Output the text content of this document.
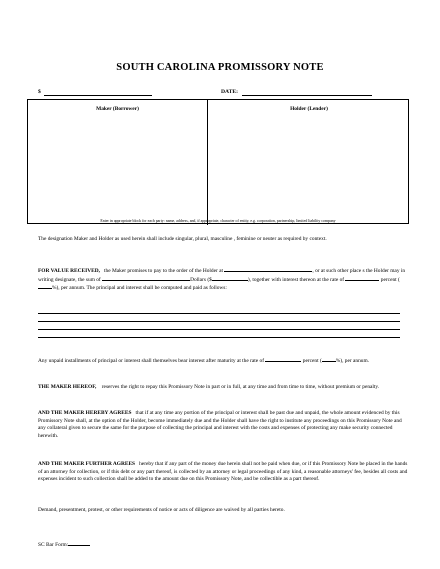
SOUTH CAROLINA PROMISSORY NOTE
$	DATE:
Maker (Borrower)	Holder (Lender)
Enter in appropriate block for each party: name, address, and, if appropriate, character of entity, e.g. corporation, partnership, limited liability company
The designation Maker and Holder as used herein shall include singular, plural, masculine , feminine or neuter as required by context.
FOR VALUE RECEIVED, the Maker promises to pay to the order of the Holder at	, or at such other place s the Holder may in writing designate, the sum of	Dollars ($	), together with interest thereon at the rate of	percent (%), per annum. The principal and interest shall be computed and paid as follows:
Any unpaid installments of principal or interest shall themselves bear interest after maturity at the rate of	percent (	%), per annum.
THE MAKER HEREOF, reserves the right to repay this Promissory Note in part or in full, at any time and from time to time, without premium or penalty.
AND THE MAKER HEREBY AGREES that if at any time any portion of the principal or interest shall be past due and unpaid, the whole amount evidenced by this Promissory Note shall, at the option of the Holder, become immediately due and the Holder shall have the right to institute any proceedings on this Promissory Note and any collateral given to secure the same for the purpose of collecting the principal and interest with the costs and expenses of protecting any make security connected herewith.
AND THE MAKER FURTHER AGREES hereby that if any part of the money due herein shall not be paid when due, or if this Promissory Note be placed in the hands of an attorney for collection, or if this debt or any part thereof, is collected by an attorney or legal proceedings of any kind, a reasonable attorneys' fee, besides all costs and expenses incident to such collection shall be added to the amount due on this Promissory Note, and be collectible as a part thereof.
Demand, presentment, protest, or other requirements of notice or acts of diligence are waived by all parties hereto.
SC Bar Form:
